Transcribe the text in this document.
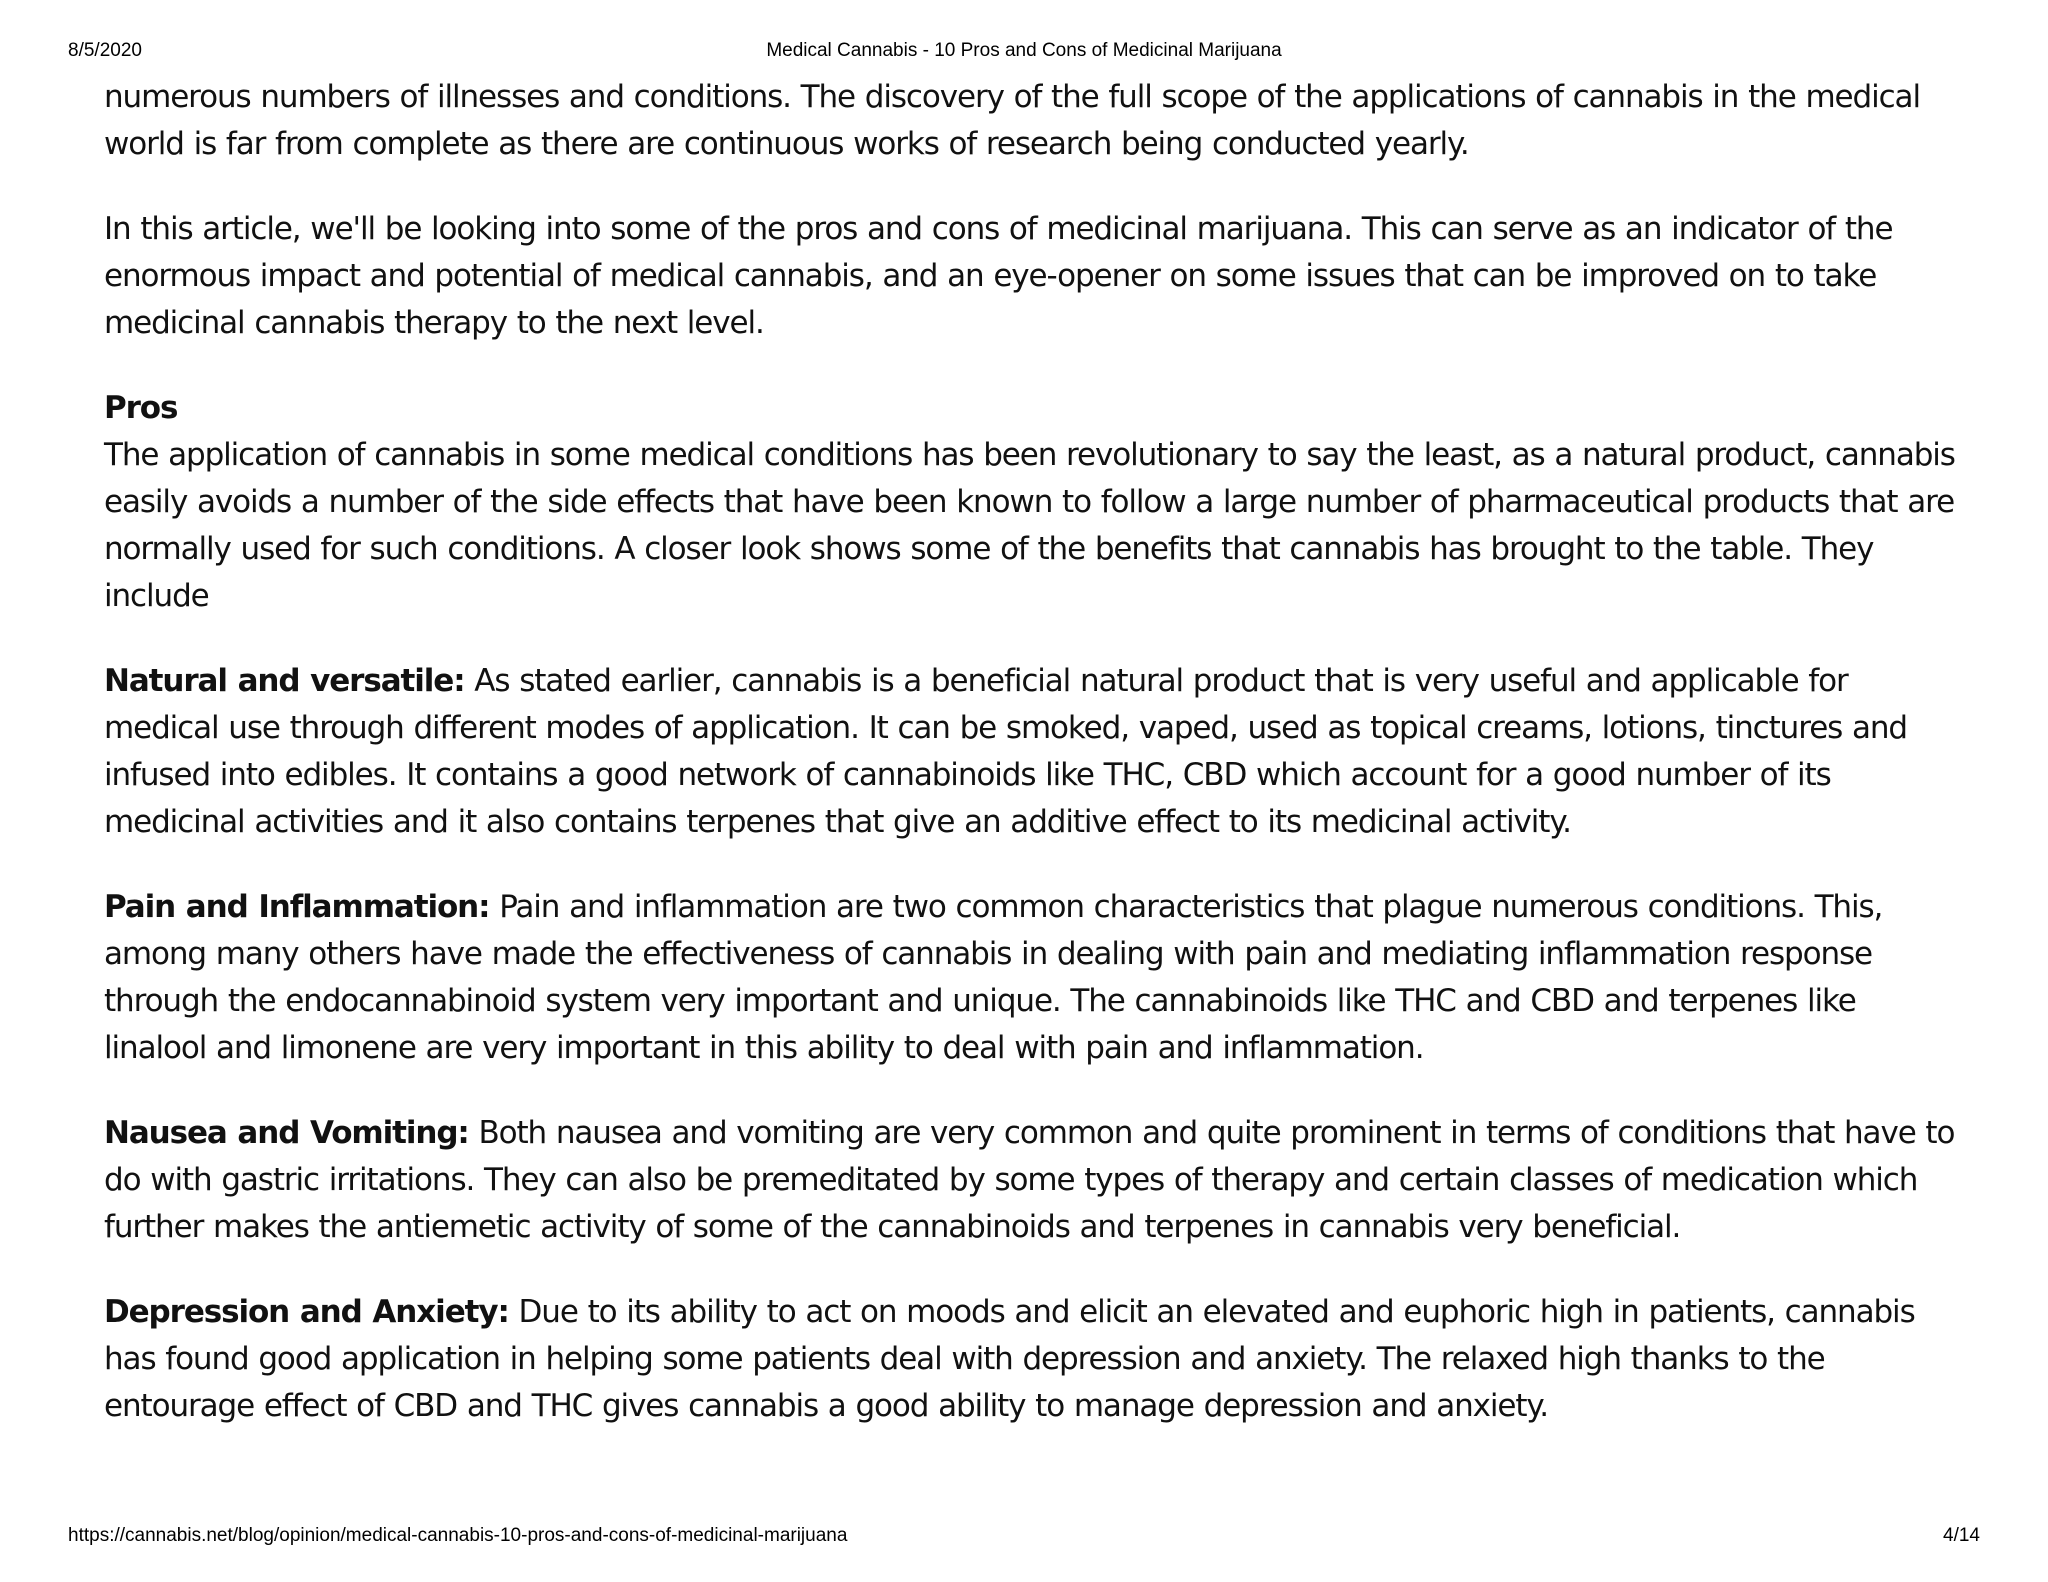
8/5/2020	Medical Cannabis - 10 Pros and Cons of Medicinal Marijuana

numerous numbers of illnesses and conditions. The discovery of the full scope of the applications of cannabis in the medical world is far from complete as there are continuous works of research being conducted yearly.

In this article, we'll be looking into some of the pros and cons of medicinal marijuana. This can serve as an indicator of the enormous impact and potential of medical cannabis, and an eye-opener on some issues that can be improved on to take medicinal cannabis therapy to the next level.

Pros

The application of cannabis in some medical conditions has been revolutionary to say the least, as a natural product, cannabis easily avoids a number of the side effects that have been known to follow a large number of pharmaceutical products that are normally used for such conditions. A closer look shows some of the benefits that cannabis has brought to the table. They include

Natural and versatile: As stated earlier, cannabis is a beneficial natural product that is very useful and applicable for medical use through different modes of application. It can be smoked, vaped, used as topical creams, lotions, tinctures and infused into edibles. It contains a good network of cannabinoids like THC, CBD which account for a good number of its medicinal activities and it also contains terpenes that give an additive effect to its medicinal activity.

Pain and Inflammation: Pain and inflammation are two common characteristics that plague numerous conditions. This, among many others have made the effectiveness of cannabis in dealing with pain and mediating inflammation response through the endocannabinoid system very important and unique. The cannabinoids like THC and CBD and terpenes like linalool and limonene are very important in this ability to deal with pain and inflammation.

Nausea and Vomiting: Both nausea and vomiting are very common and quite prominent in terms of conditions that have to do with gastric irritations. They can also be premeditated by some types of therapy and certain classes of medication which further makes the antiemetic activity of some of the cannabinoids and terpenes in cannabis very beneficial.

Depression and Anxiety: Due to its ability to act on moods and elicit an elevated and euphoric high in patients, cannabis has found good application in helping some patients deal with depression and anxiety. The relaxed high thanks to the entourage effect of CBD and THC gives cannabis a good ability to manage depression and anxiety.

https://cannabis.net/blog/opinion/medical-cannabis-10-pros-and-cons-of-medicinal-marijuana	4/14
